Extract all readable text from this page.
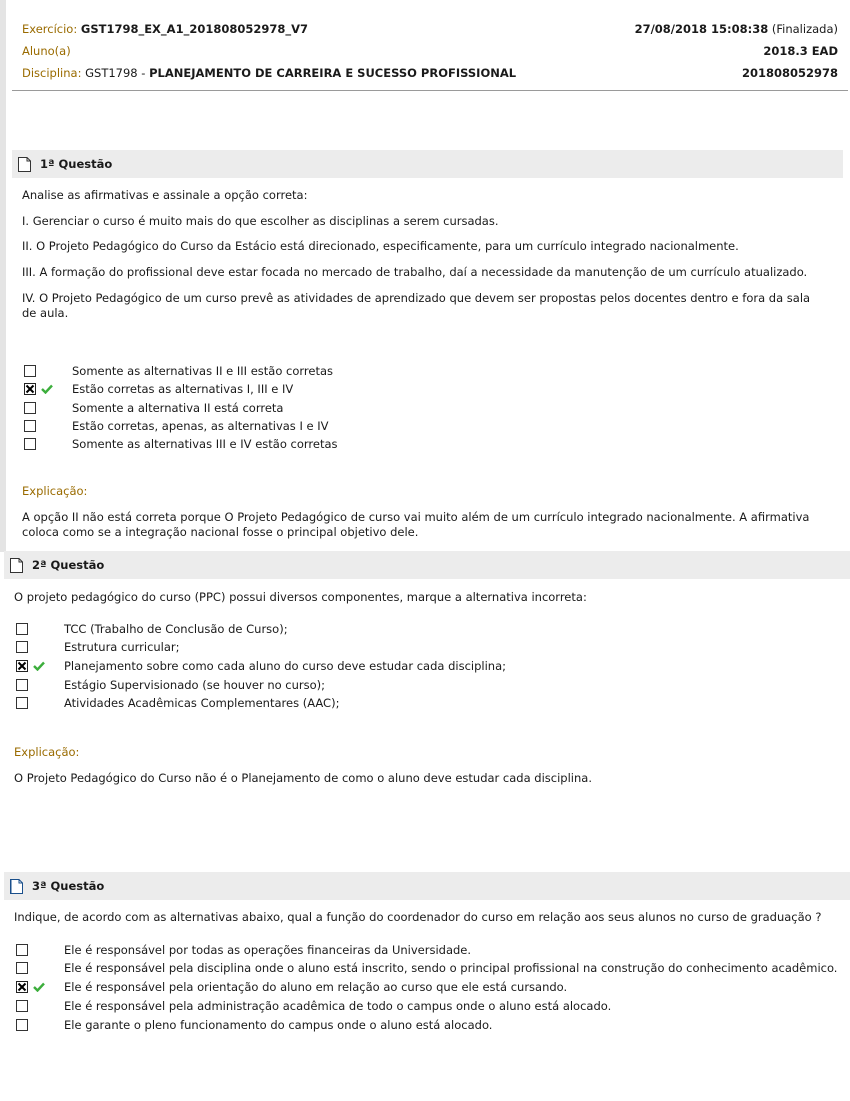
Exercício: GST1798_EX_A1_201808052978_V7	27/08/2018 15:08:38 (Finalizada)
Aluno(a)	2018.3 EAD
Disciplina: GST1798 - PLANEJAMENTO DE CARREIRA E SUCESSO PROFISSIONAL	201808052978
1ª Questão
Analise as afirmativas e assinale a opção correta:
I. Gerenciar o curso é muito mais do que escolher as disciplinas a serem cursadas.
II. O Projeto Pedagógico do Curso da Estácio está direcionado, especificamente, para um currículo integrado nacionalmente.
III. A formação do profissional deve estar focada no mercado de trabalho, daí a necessidade da manutenção de um currículo atualizado.
IV. O Projeto Pedagógico de um curso prevê as atividades de aprendizado que devem ser propostas pelos docentes dentro e fora da sala de aula.
Somente as alternativas II e III estão corretas
Estão corretas as alternativas I, III e IV
Somente a alternativa II está correta
Estão corretas, apenas, as alternativas I e IV
Somente as alternativas III e IV estão corretas
Explicação:
A opção II não está correta porque O Projeto Pedagógico de curso vai muito além de um currículo integrado nacionalmente. A afirmativa coloca como se a integração nacional fosse o principal objetivo dele.
2ª Questão
O projeto pedagógico do curso (PPC) possui diversos componentes, marque a alternativa incorreta:
TCC (Trabalho de Conclusão de Curso);
Estrutura curricular;
Planejamento sobre como cada aluno do curso deve estudar cada disciplina;
Estágio Supervisionado (se houver no curso);
Atividades Acadêmicas Complementares (AAC);
Explicação:
O Projeto Pedagógico do Curso não é o Planejamento de como o aluno deve estudar cada disciplina.
3ª Questão
Indique, de acordo com as alternativas abaixo, qual a função do coordenador do curso em relação aos seus alunos no curso de graduação ?
Ele é responsável por todas as operações financeiras da Universidade.
Ele é responsável pela disciplina onde o aluno está inscrito, sendo o principal profissional na construção do conhecimento acadêmico.
Ele é responsável pela orientação do aluno em relação ao curso que ele está cursando.
Ele é responsável pela administração acadêmica de todo o campus onde o aluno está alocado.
Ele garante o pleno funcionamento do campus onde o aluno está alocado.
